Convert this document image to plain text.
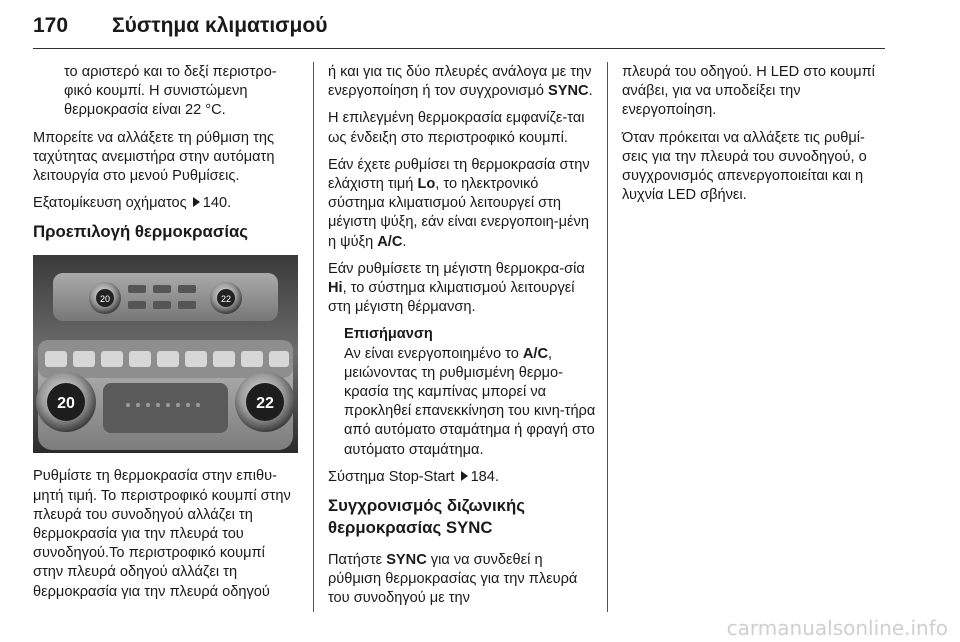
170 Σύστημα κλιματισμού

το αριστερό και το δεξί περιστρο-
φικό κουμπί. Η συνιστώμενη
θερμοκρασία είναι 22 °C.

Μπορείτε να αλλάξετε τη ρύθμιση της ταχύτητας ανεμιστήρα στην αυτόματη λειτουργία στο μενού Ρυθμίσεις.

Εξατομίκευση οχήματος 140.

Προεπιλογή θερμοκρασίας
20	22
20	22

Ρυθμίστε τη θερμοκρασία στην επιθυ-μητή τιμή. Το περιστροφικό κουμπί στην πλευρά του συνοδηγού αλλάζει τη θερμοκρασία για την πλευρά του συνοδηγού.Το περιστροφικό κουμπί στην πλευρά οδηγού αλλάζει τη θερμοκρασία για την πλευρά οδηγού

ή και για τις δύο πλευρές ανάλογα με την ενεργοποίηση ή τον συγχρονισμό SYNC.

Η επιλεγμένη θερμοκρασία εμφανίζε-ται ως ένδειξη στο περιστροφικό κουμπί.

Εάν έχετε ρυθμίσει τη θερμοκρασία στην ελάχιστη τιμή Lo, το ηλεκτρονικό σύστημα κλιματισμού λειτουργεί στη μέγιστη ψύξη, εάν είναι ενεργοποιη-μένη η ψύξη A/C.

Εάν ρυθμίσετε τη μέγιστη θερμοκρα-σία Hi, το σύστημα κλιματισμού λειτουργεί στη μέγιστη θέρμανση.

Επισήμανση

Αν είναι ενεργοποιημένο το A/C, μειώνοντας τη ρυθμισμένη θερμο-κρασία της καμπίνας μπορεί να προκληθεί επανεκκίνηση του κινη-τήρα από αυτόματο σταμάτημα ή φραγή στο αυτόματο σταμάτημα.

Σύστημα Stop-Start 184.

Συγχρονισμός διζωνικής θερμοκρασίας SYNC

Πατήστε SYNC για να συνδεθεί η ρύθμιση θερμοκρασίας για την πλευρά του συνοδηγού με την

πλευρά του οδηγού. Η LED στο κουμπί ανάβει, για να υποδείξει την ενεργοποίηση.

Όταν πρόκειται να αλλάξετε τις ρυθμί-σεις για την πλευρά του συνοδηγού, ο συγχρονισμός απενεργοποιείται και η λυχνία LED σβήνει.

carmanualsonline.info
